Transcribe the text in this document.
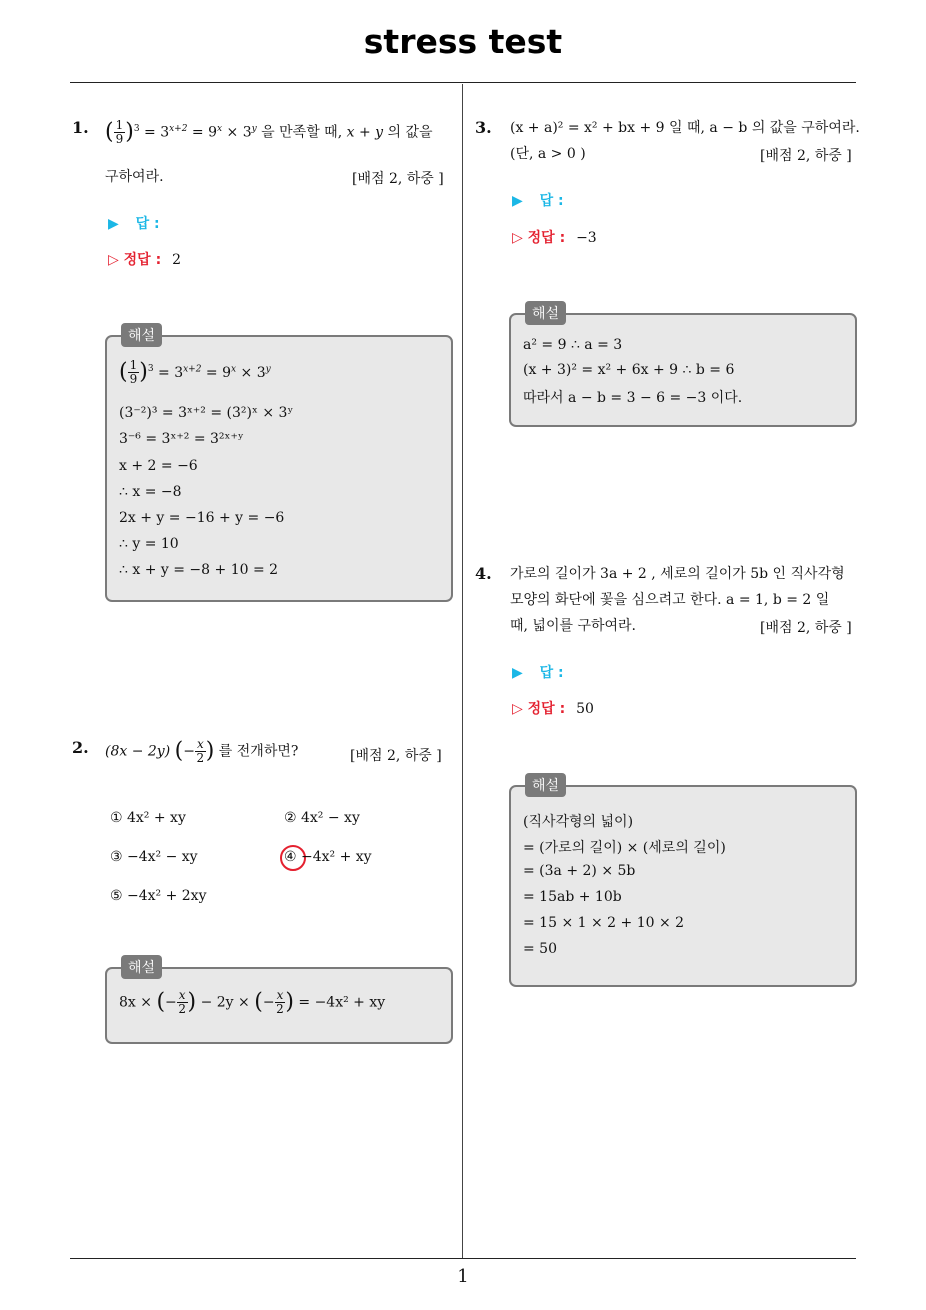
stress test
1
1. ( $\frac{1}{9} )^3 = 3^{x+2} = 9^x \times 3^y$ 을 만족할 때, x + y 의 값을
구하여라.	[배점 2, 하중 ]
▶ 답 :
▷ 정답 : 2
해설
( $\frac{1}{9} )^3 = 3^{x+2} = 9^x \times 3^y$
(3⁻²)³ = 3ˣ⁺² = (3²)ˣ × 3ʸ
3⁻⁶ = 3ˣ⁺² = 3²ˣ⁺ʸ
x + 2 = −6
∴ x = −8
2x + y = −16 + y = −6
∴ y = 10
∴ x + y = −8 + 10 = 2
2. (8x − 2y) (− $\frac{x}{2}$ ) 를 전개하면?	[배점 2, 하중 ]
① 4x² + xy	② 4x² − xy
③ −4x² − xy	④ −4x² + xy
⑤ −4x² + 2xy
해설
8x × (− $\frac{x}{2}$ ) − 2y × (− $\frac{x}{2}$ ) = −4x² + xy
3. (x + a)² = x² + bx + 9 일 때, a − b 의 값을 구하여라.
(단, a > 0 )	[배점 2, 하중 ]
▶ 답 :
▷ 정답 : −3
해설
a² = 9 ∴ a = 3
(x + 3)² = x² + 6x + 9 ∴ b = 6
따라서 a − b = 3 − 6 = −3 이다.
4. 가로의 길이가 3a + 2 , 세로의 길이가 5b 인 직사각형
모양의 화단에 꽃을 심으려고 한다. a = 1, b = 2 일
때, 넓이를 구하여라.	[배점 2, 하중 ]
▶ 답 :
▷ 정답 : 50
해설
(직사각형의 넓이)
= (가로의 길이) × (세로의 길이)
= (3a + 2) × 5b
= 15ab + 10b
= 15 × 1 × 2 + 10 × 2
= 50
